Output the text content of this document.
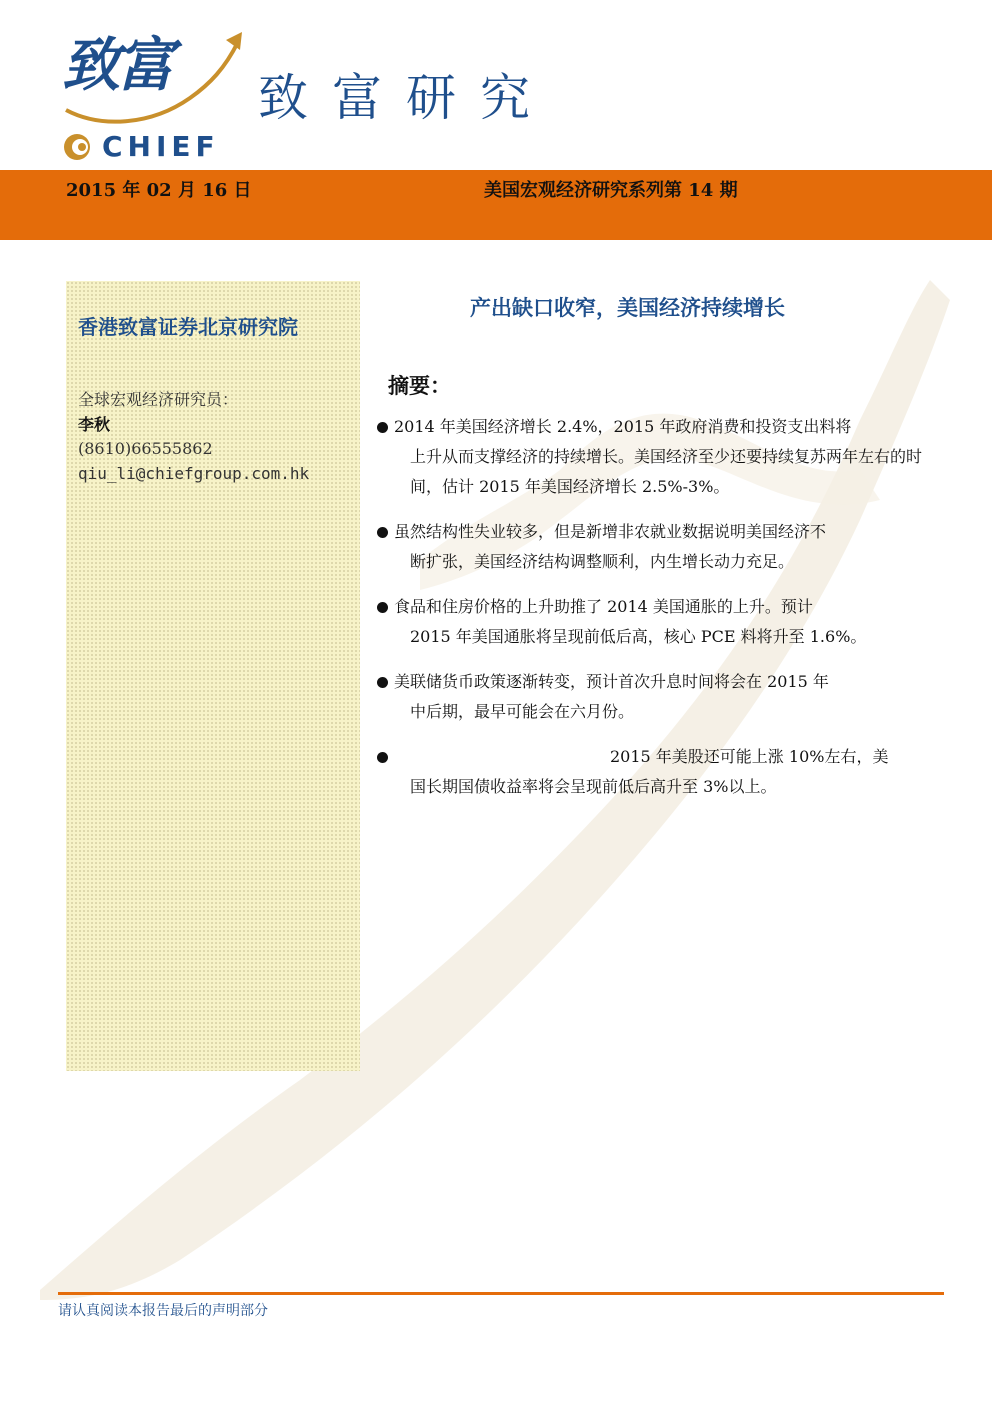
致富
CHIEF
致富研究
2015 年 02 月 16 日	美国宏观经济研究系列第 14 期
香港致富证券北京研究院
全球宏观经济研究员：
李秋
(8610)66555862
qiu_li@chiefgroup.com.hk
产出缺口收窄，美国经济持续增长
摘要：
2014 年美国经济增长 2.4%，2015 年政府消费和投资支出料将
上升从而支撑经济的持续增长。美国经济至少还要持续复苏两年左右的时间，估计 2015 年美国经济增长 2.5%-3%。
虽然结构性失业较多，但是新增非农就业数据说明美国经济不
断扩张，美国经济结构调整顺利，内生增长动力充足。
食品和住房价格的上升助推了 2014 美国通胀的上升。预计
2015 年美国通胀将呈现前低后高，核心 PCE 料将升至 1.6%。
美联储货币政策逐渐转变，预计首次升息时间将会在 2015 年
中后期，最早可能会在六月份。
2015 年美股还可能上涨 10%左右，美
国长期国债收益率将会呈现前低后高升至 3%以上。
请认真阅读本报告最后的声明部分
